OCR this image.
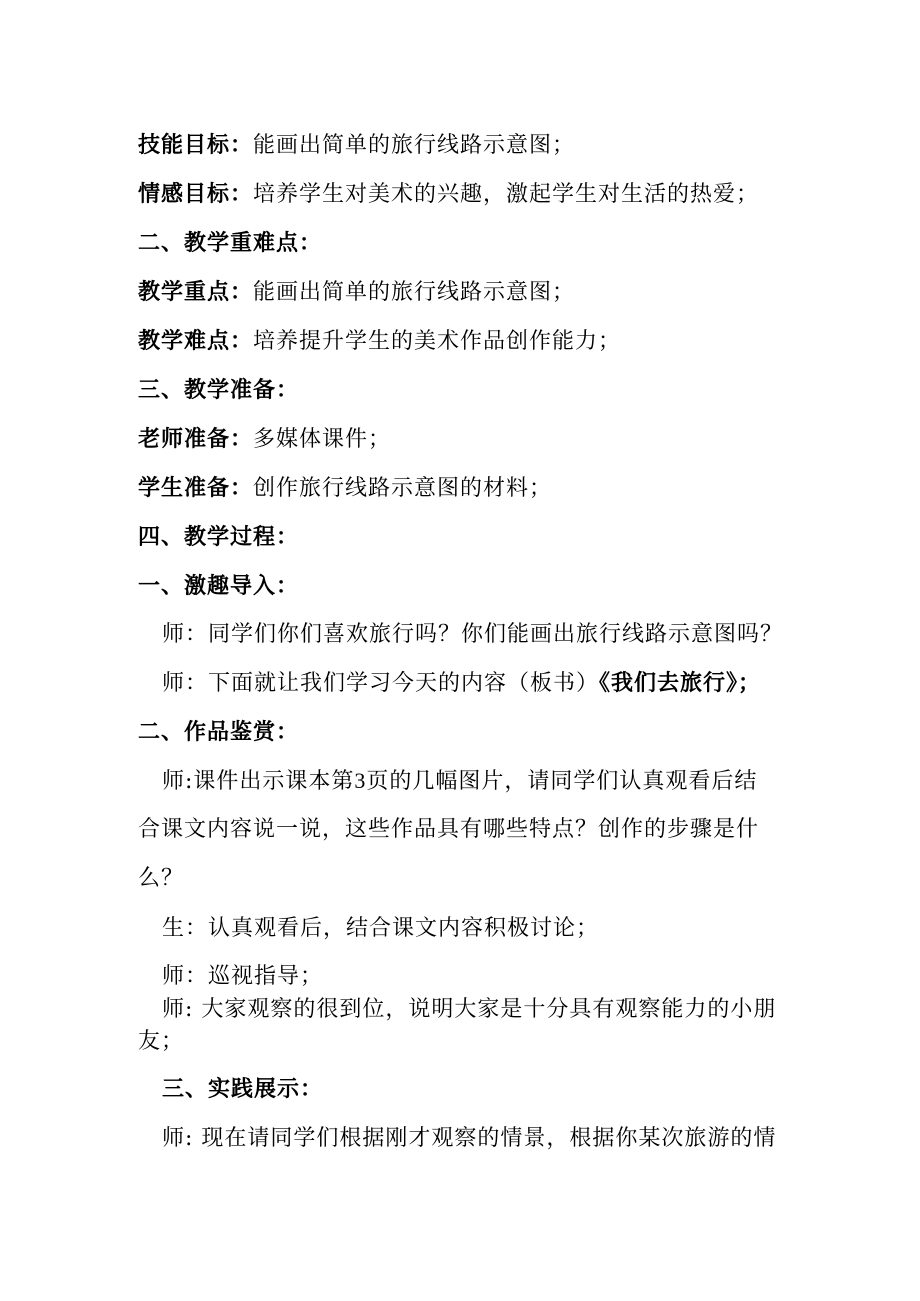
技能目标：能画出简单的旅行线路示意图；
情感目标：培养学生对美术的兴趣，激起学生对生活的热爱；
二、教学重难点：
教学重点：能画出简单的旅行线路示意图；
教学难点：培养提升学生的美术作品创作能力；
三、教学准备：
老师准备：多媒体课件；
学生准备：创作旅行线路示意图的材料；
四、教学过程：
一、激趣导入：
师：同学们你们喜欢旅行吗？你们能画出旅行线路示意图吗？
师：下面就让我们学习今天的内容（板书）《我们去旅行》；
二、作品鉴赏：
师:课件出示课本第3页的几幅图片，请同学们认真观看后结
合课文内容说一说，这些作品具有哪些特点？创作的步骤是什
么？
生：认真观看后，结合课文内容积极讨论；
师：巡视指导；
师: 大家观察的很到位，说明大家是十分具有观察能力的小朋
友；
三、实践展示：
师: 现在请同学们根据刚才观察的情景，根据你某次旅游的情
